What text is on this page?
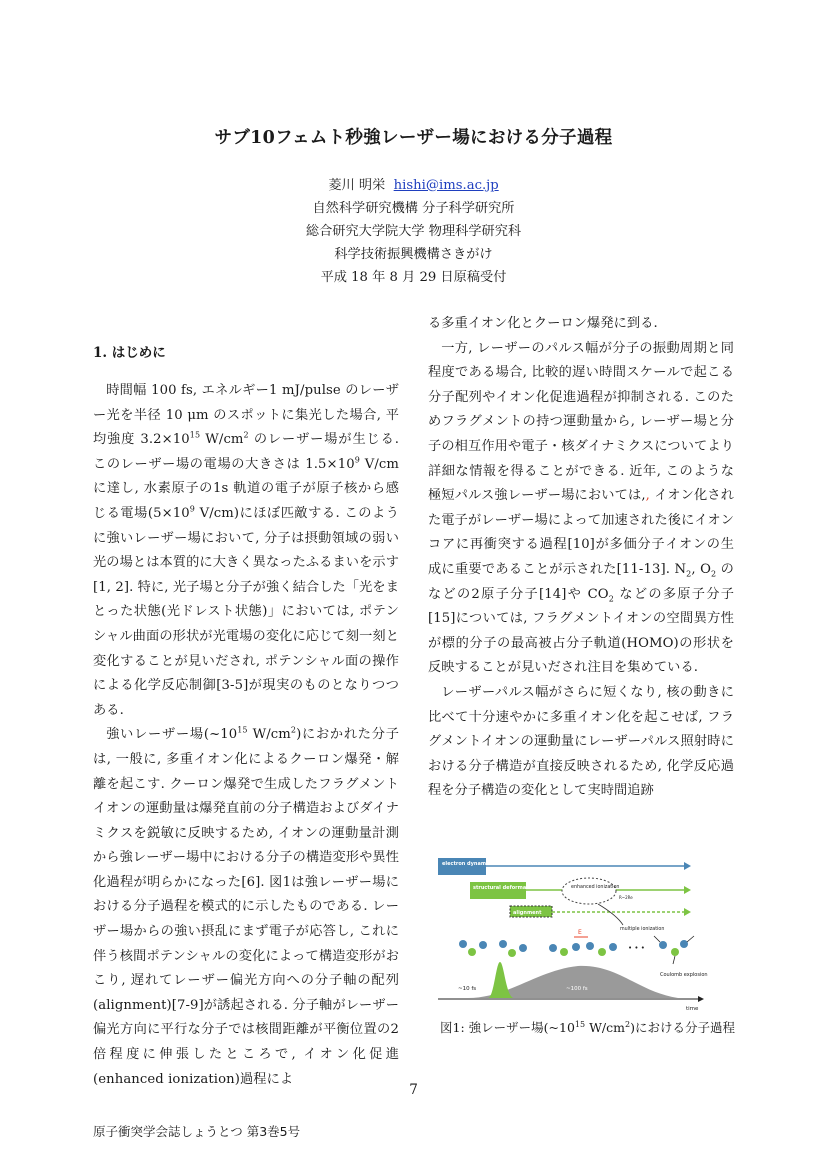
サブ10フェムト秒強レーザー場における分子過程
菱川 明栄 hishi@ims.ac.jp
自然科学研究機構 分子科学研究所
総合研究大学院大学 物理科学研究科
科学技術振興機構さきがけ
平成 18 年 8 月 29 日原稿受付
1. はじめに

時間幅 100 fs, エネルギー1 mJ/pulse のレーザー光を半径 10 μm のスポットに集光した場合, 平均強度 $3.2\times 10^{15}$ $W/cm^2$ のレーザー場が生じる. このレーザー場の電場の大きさは $1.5\times 10^9$ V/cm に達し, 水素原子の1s 軌道の電子が原子核から感じる電場($5\times 10^9$ V/cm)にほぼ匹敵する. このように強いレーザー場において, 分子は摂動領域の弱い光の場とは本質的に大きく異なったふるまいを示す[1, 2]. 特に, 光子場と分子が強く結合した「光をまとった状態(光ドレスト状態)」においては, ポテンシャル曲面の形状が光電場の変化に応じて刻一刻と変化することが見いだされ, ポテンシャル面の操作による化学反応制御[3-5]が現実のものとなりつつある.

強いレーザー場($\sim 10^{15}$ $W/cm^2$)におかれた分子は, 一般に, 多重イオン化によるクーロン爆発・解離を起こす. クーロン爆発で生成したフラグメントイオンの運動量は爆発直前の分子構造およびダイナミクスを鋭敏に反映するため, イオンの運動量計測から強レーザー場中における分子の構造変形や異性化過程が明らかになった[6]. 図1は強レーザー場における分子過程を模式的に示したものである. レーザー場からの強い摂乱にまず電子が応答し, これに伴う核間ポテンシャルの変化によって構造変形がおこり, 遅れてレーザー偏光方向への分子軸の配列(alignment)[7-9]が誘起される. 分子軸がレーザー偏光方向に平行な分子では核間距離が平衡位置の2倍程度に伸張したところで, イオン化促進(enhanced ionization)過程によ

る多重イオン化とクーロン爆発に到る.

一方, レーザーのパルス幅が分子の振動周期と同程度である場合, 比較的遅い時間スケールで起こる分子配列やイオン化促進過程が抑制される. このためフラグメントの持つ運動量から, レーザー場と分子の相互作用や電子・核ダイナミクスについてより詳細な情報を得ることができる. 近年, このような極短パルス強レーザー場においては,, イオン化された電子がレーザー場によって加速された後にイオンコアに再衝突する過程[10]が多価分子イオンの生成に重要であることが示された[11-13]. $N_2$, $O_2$ のなどの2原子分子[14]や $CO_2$ などの多原子分子[15]については, フラグメントイオンの空間異方性が標的分子の最高被占分子軌道(HOMO)の形状を反映することが見いだされ注目を集めている.

レーザーパルス幅がさらに短くなり, 核の動きに比べて十分速やかに多重イオン化を起こせば, フラグメントイオンの運動量にレーザーパルス照射時における分子構造が直接反映されるため, 化学反応過程を分子構造の変化として実時間追跡

electron dynamics
structural deformation	enhanced ionization
R~2Re
alignment
multiple ionization
E
• • •
Coulomb explosion
~10 fs	~100 fs
time
図1: 強レーザー場($\sim 10^{15}$ $W/cm^2$)における分子過程
7
原子衝突学会誌しょうとつ 第3巻5号
